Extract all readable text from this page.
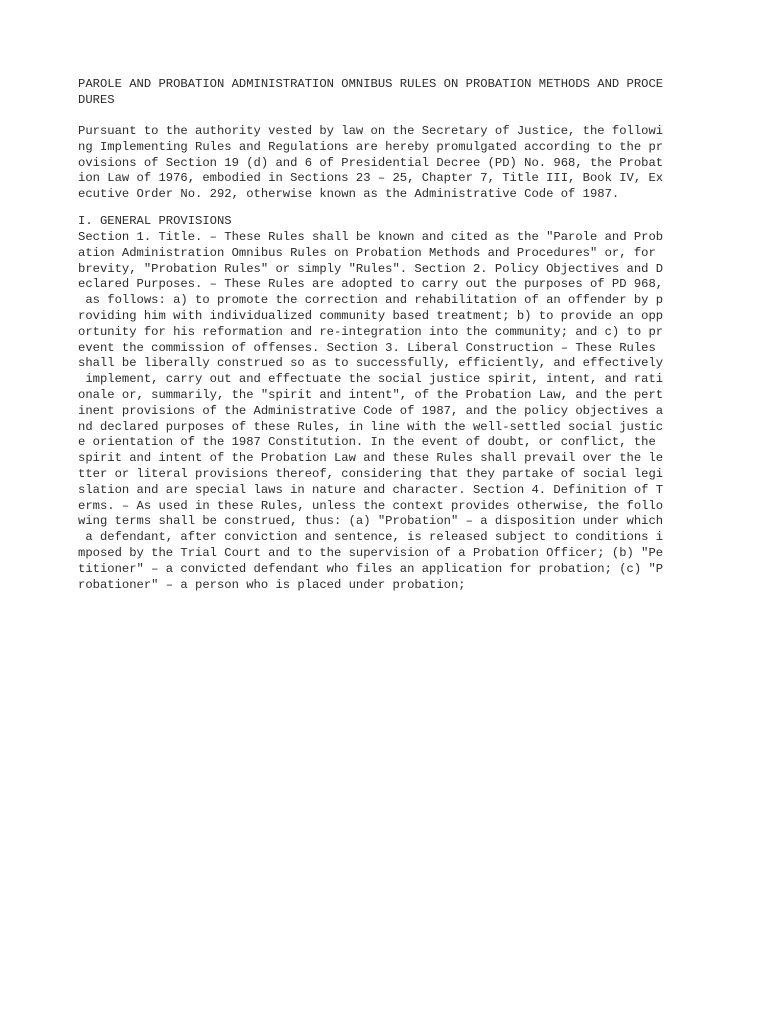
PAROLE AND PROBATION ADMINISTRATION OMNIBUS RULES ON PROBATION METHODS AND PROCE
DURES

Pursuant to the authority vested by law on the Secretary of Justice, the followi
ng Implementing Rules and Regulations are hereby promulgated according to the pr
ovisions of Section 19 (d) and 6 of Presidential Decree (PD) No. 968, the Probat
ion Law of 1976, embodied in Sections 23 – 25, Chapter 7, Title III, Book IV, Ex
ecutive Order No. 292, otherwise known as the Administrative Code of 1987.

I. GENERAL PROVISIONS

Section 1. Title. – These Rules shall be known and cited as the "Parole and Prob
ation Administration Omnibus Rules on Probation Methods and Procedures" or, for
brevity, "Probation Rules" or simply "Rules". Section 2. Policy Objectives and D
eclared Purposes. – These Rules are adopted to carry out the purposes of PD 968,
as follows: a) to promote the correction and rehabilitation of an offender by p
roviding him with individualized community based treatment; b) to provide an opp
ortunity for his reformation and re-integration into the community; and c) to pr
event the commission of offenses. Section 3. Liberal Construction – These Rules
shall be liberally construed so as to successfully, efficiently, and effectively
implement, carry out and effectuate the social justice spirit, intent, and rati
onale or, summarily, the "spirit and intent", of the Probation Law, and the pert
inent provisions of the Administrative Code of 1987, and the policy objectives a
nd declared purposes of these Rules, in line with the well-settled social justic
e orientation of the 1987 Constitution. In the event of doubt, or conflict, the
spirit and intent of the Probation Law and these Rules shall prevail over the le
tter or literal provisions thereof, considering that they partake of social legi
slation and are special laws in nature and character. Section 4. Definition of T
erms. – As used in these Rules, unless the context provides otherwise, the follo
wing terms shall be construed, thus: (a) "Probation" – a disposition under which
a defendant, after conviction and sentence, is released subject to conditions i
mposed by the Trial Court and to the supervision of a Probation Officer; (b) "Pe
titioner" – a convicted defendant who files an application for probation; (c) "P
robationer" – a person who is placed under probation;
